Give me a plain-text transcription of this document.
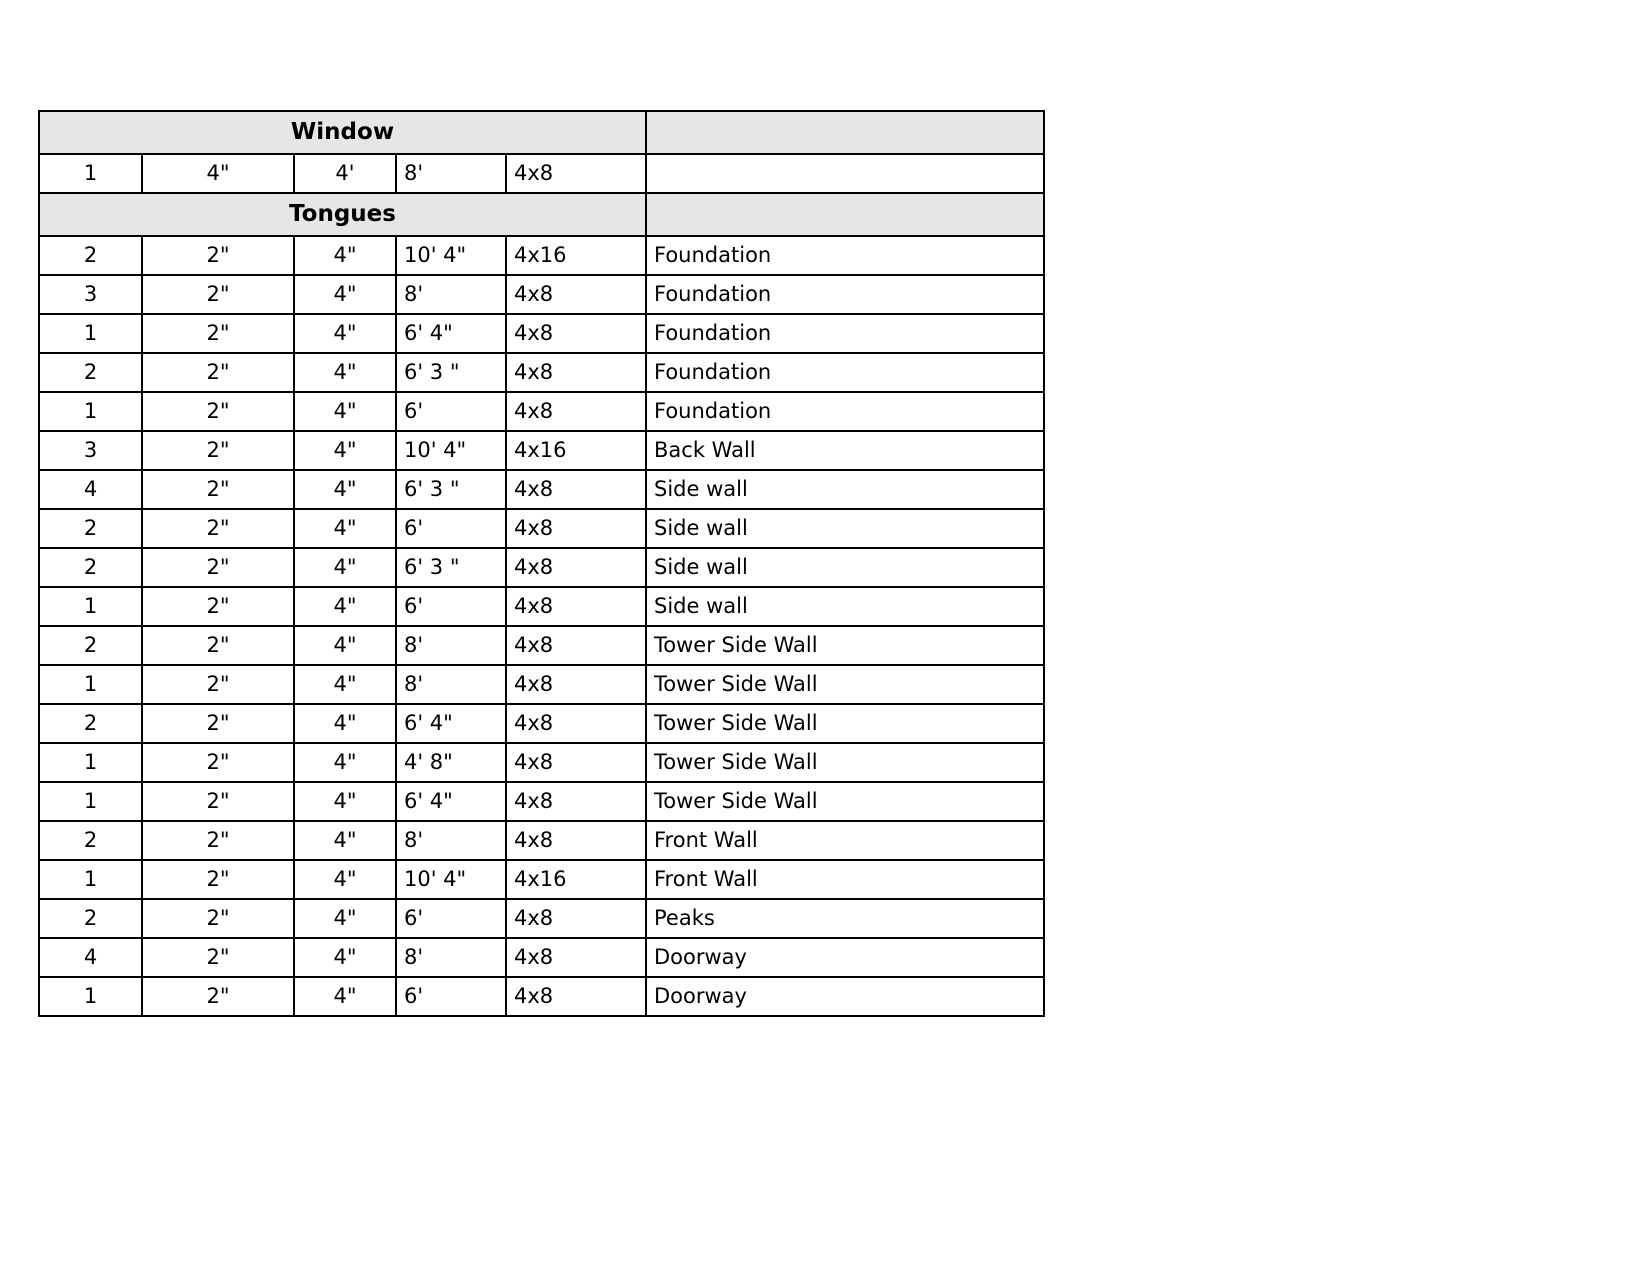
Window					
1	4"	4'	8'	4x8	
Tongues					
2	2"	4"	10' 4"	4x16	Foundation
3	2"	4"	8'	4x8	Foundation
1	2"	4"	6' 4"	4x8	Foundation
2	2"	4"	6' 3 "	4x8	Foundation
1	2"	4"	6'	4x8	Foundation
3	2"	4"	10' 4"	4x16	Back Wall
4	2"	4"	6' 3 "	4x8	Side wall
2	2"	4"	6'	4x8	Side wall
2	2"	4"	6' 3 "	4x8	Side wall
1	2"	4"	6'	4x8	Side wall
2	2"	4"	8'	4x8	Tower Side Wall
1	2"	4"	8'	4x8	Tower Side Wall
2	2"	4"	6' 4"	4x8	Tower Side Wall
1	2"	4"	4' 8"	4x8	Tower Side Wall
1	2"	4"	6' 4"	4x8	Tower Side Wall
2	2"	4"	8'	4x8	Front Wall
1	2"	4"	10' 4"	4x16	Front Wall
2	2"	4"	6'	4x8	Peaks
4	2"	4"	8'	4x8	Doorway
1	2"	4"	6'	4x8	Doorway
